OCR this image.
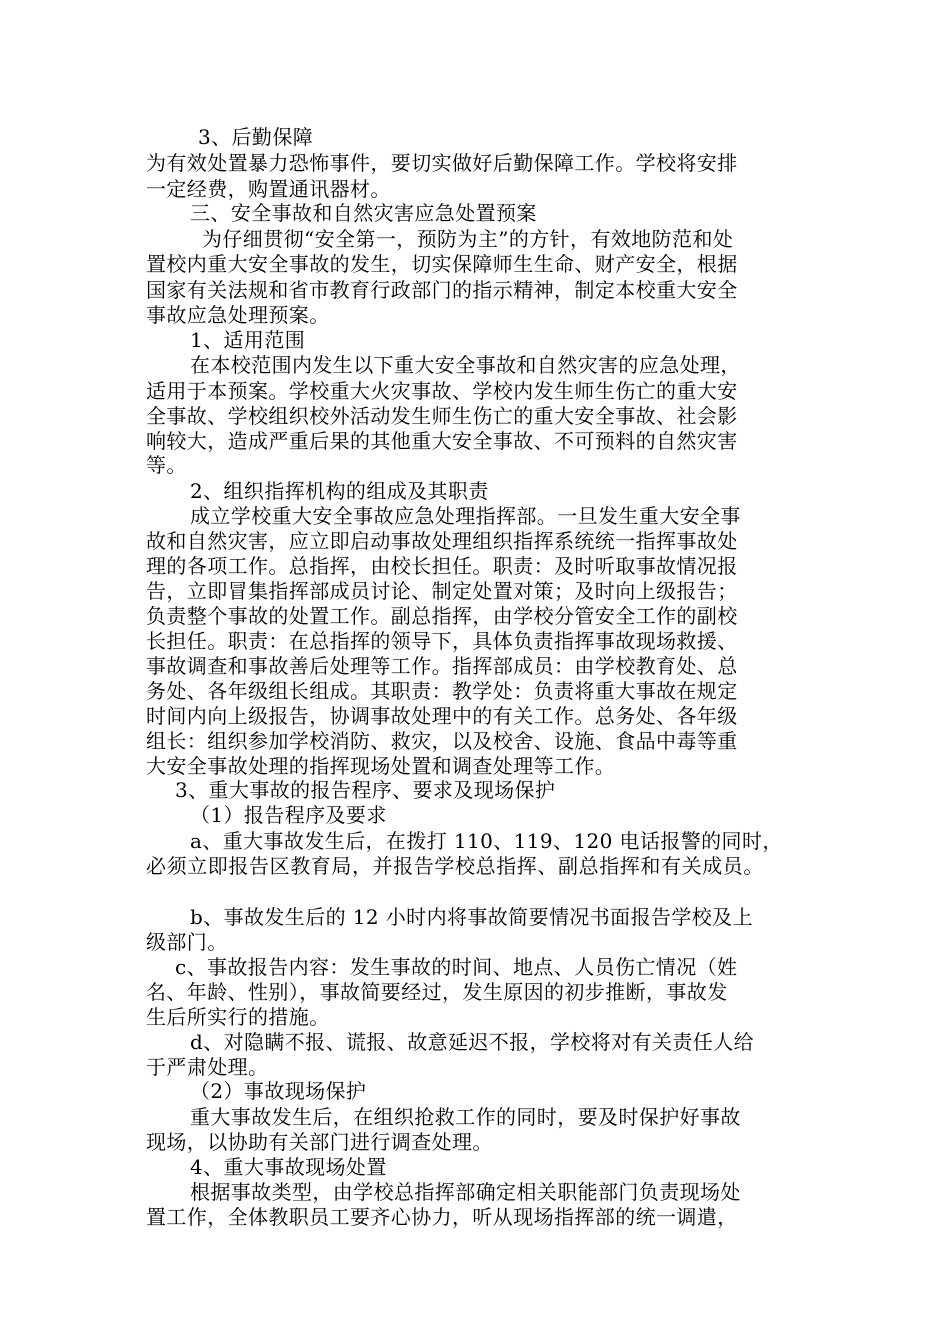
3、后勤保障
为有效处置暴力恐怖事件，要切实做好后勤保障工作。学校将安排
一定经费，购置通讯器材。
三、安全事故和自然灾害应急处置预案
为仔细贯彻“安全第一，预防为主”的方针，有效地防范和处
置校内重大安全事故的发生，切实保障师生生命、财产安全，根据
国家有关法规和省市教育行政部门的指示精神，制定本校重大安全
事故应急处理预案。
1、适用范围
在本校范围内发生以下重大安全事故和自然灾害的应急处理，
适用于本预案。学校重大火灾事故、学校内发生师生伤亡的重大安
全事故、学校组织校外活动发生师生伤亡的重大安全事故、社会影
响较大，造成严重后果的其他重大安全事故、不可预料的自然灾害
等。
2、组织指挥机构的组成及其职责
成立学校重大安全事故应急处理指挥部。一旦发生重大安全事
故和自然灾害，应立即启动事故处理组织指挥系统统一指挥事故处
理的各项工作。总指挥，由校长担任。职责：及时听取事故情况报
告，立即冒集指挥部成员讨论、制定处置对策；及时向上级报告；
负责整个事故的处置工作。副总指挥，由学校分管安全工作的副校
长担任。职责：在总指挥的领导下，具体负责指挥事故现场救援、
事故调查和事故善后处理等工作。指挥部成员：由学校教育处、总
务处、各年级组长组成。其职责：教学处：负责将重大事故在规定
时间内向上级报告，协调事故处理中的有关工作。总务处、各年级
组长：组织参加学校消防、救灾，以及校舍、设施、食品中毒等重
大安全事故处理的指挥现场处置和调查处理等工作。
3、重大事故的报告程序、要求及现场保护
（1）报告程序及要求
a、重大事故发生后，在拨打 110、119、120 电话报警的同时，
必须立即报告区教育局，并报告学校总指挥、副总指挥和有关成员。
b、事故发生后的 12 小时内将事故简要情况书面报告学校及上
级部门。
c、事故报告内容：发生事故的时间、地点、人员伤亡情况（姓
名、年龄、性别），事故简要经过，发生原因的初步推断，事故发
生后所实行的措施。
d、对隐瞒不报、谎报、故意延迟不报，学校将对有关责任人给
于严肃处理。
（2）事故现场保护
重大事故发生后，在组织抢救工作的同时，要及时保护好事故
现场，以协助有关部门进行调查处理。
4、重大事故现场处置
根据事故类型，由学校总指挥部确定相关职能部门负责现场处
置工作，全体教职员工要齐心协力，听从现场指挥部的统一调遣，
